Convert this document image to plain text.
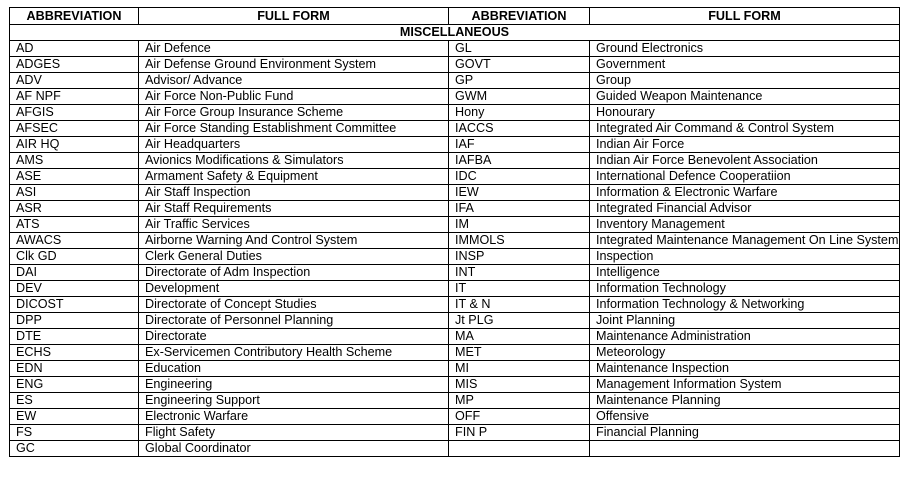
ABBREVIATION	FULL FORM	ABBREVIATION	FULL FORM
MISCELLANEOUS			
AD	Air Defence	GL	Ground Electronics
ADGES	Air Defense Ground Environment System	GOVT	Government
ADV	Advisor/ Advance	GP	Group
AF NPF	Air Force Non-Public Fund	GWM	Guided Weapon Maintenance
AFGIS	Air Force Group Insurance Scheme	Hony	Honourary
AFSEC	Air Force Standing Establishment Committee	IACCS	Integrated Air Command & Control System
AIR HQ	Air Headquarters	IAF	Indian Air Force
AMS	Avionics Modifications & Simulators	IAFBA	Indian Air Force Benevolent Association
ASE	Armament Safety & Equipment	IDC	International Defence Cooperatiion
ASI	Air Staff Inspection	IEW	Information & Electronic Warfare
ASR	Air Staff Requirements	IFA	Integrated Financial Advisor
ATS	Air Traffic Services	IM	Inventory Management
AWACS	Airborne Warning And Control System	IMMOLS	Integrated Maintenance Management On Line System
Clk GD	Clerk General Duties	INSP	Inspection
DAI	Directorate of Adm Inspection	INT	Intelligence
DEV	Development	IT	Information Technology
DICOST	Directorate of Concept Studies	IT & N	Information Technology & Networking
DPP	Directorate of Personnel Planning	Jt PLG	Joint Planning
DTE	Directorate	MA	Maintenance Administration
ECHS	Ex-Servicemen Contributory Health Scheme	MET	Meteorology
EDN	Education	MI	Maintenance Inspection
ENG	Engineering	MIS	Management Information System
ES	Engineering Support	MP	Maintenance Planning
EW	Electronic Warfare	OFF	Offensive
FS	Flight Safety	FIN P	Financial Planning
GC	Global Coordinator		
